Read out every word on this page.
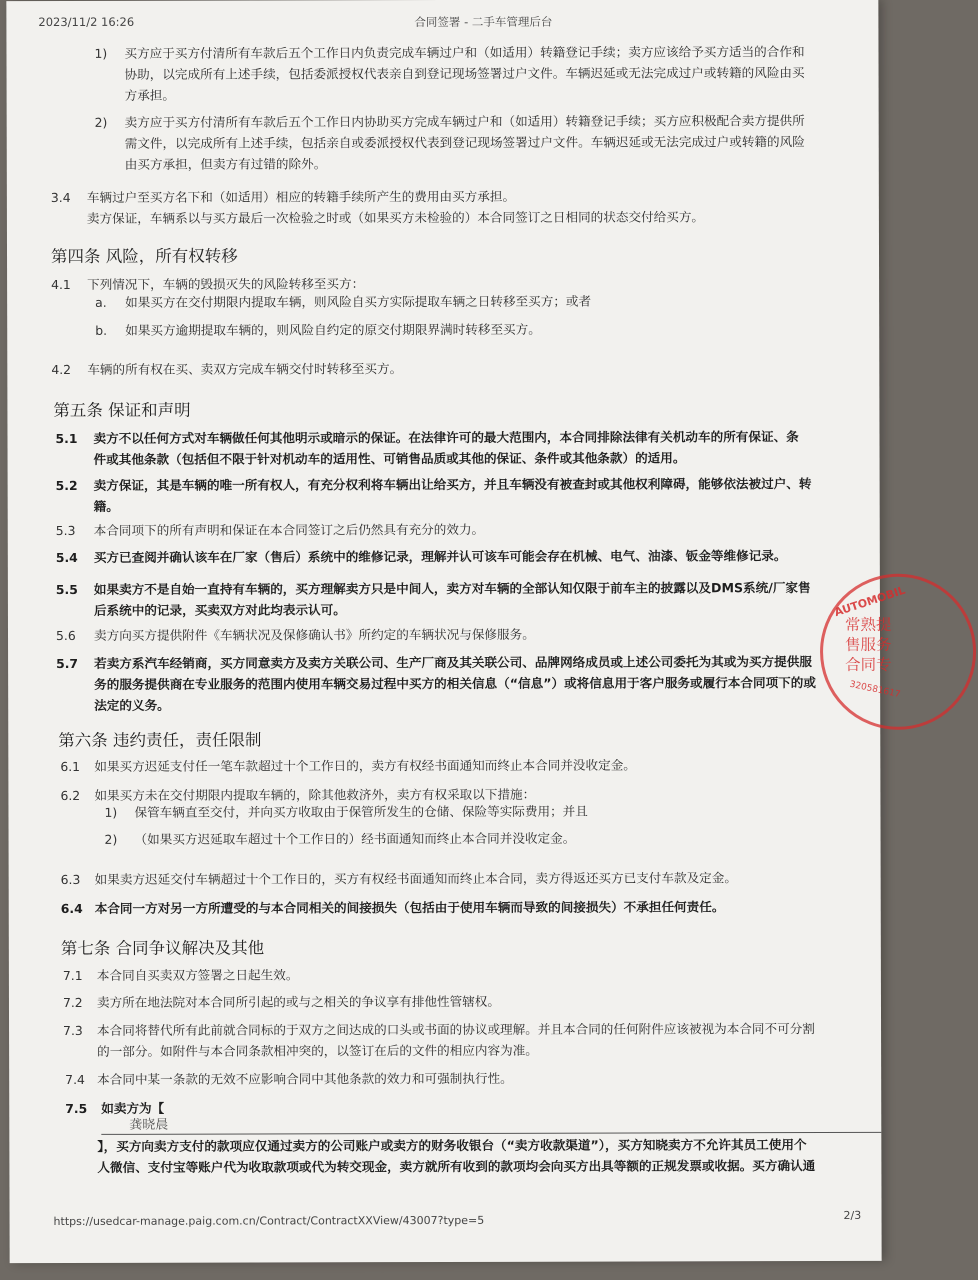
2023/11/2 16:26	合同签署 - 二手车管理后台
1) 买方应于买方付清所有车款后五个工作日内负责完成车辆过户和（如适用）转籍登记手续；卖方应该给予买方适当的合作和
协助，以完成所有上述手续，包括委派授权代表亲自到登记现场签署过户文件。车辆迟延或无法完成过户或转籍的风险由买
方承担。
2) 卖方应于买方付清所有车款后五个工作日内协助买方完成车辆过户和（如适用）转籍登记手续；买方应积极配合卖方提供所
需文件，以完成所有上述手续，包括亲自或委派授权代表到登记现场签署过户文件。车辆迟延或无法完成过户或转籍的风险
由买方承担，但卖方有过错的除外。
3.4 车辆过户至买方名下和（如适用）相应的转籍手续所产生的费用由买方承担。
卖方保证，车辆系以与买方最后一次检验之时或（如果买方未检验的）本合同签订之日相同的状态交付给买方。
4.1 下列情况下，车辆的毁损灭失的风险转移至买方：
a. 如果买方在交付期限内提取车辆，则风险自买方实际提取车辆之日转移至买方；或者
b. 如果买方逾期提取车辆的，则风险自约定的原交付期限界满时转移至买方。
4.2 车辆的所有权在买、卖双方完成车辆交付时转移至买方。
5.1 卖方不以任何方式对车辆做任何其他明示或暗示的保证。在法律许可的最大范围内，本合同排除法律有关机动车的所有保证、条
件或其他条款（包括但不限于针对机动车的适用性、可销售品质或其他的保证、条件或其他条款）的适用。
5.2 卖方保证，其是车辆的唯一所有权人，有充分权利将车辆出让给买方，并且车辆没有被查封或其他权利障碍，能够依法被过户、转
籍。
5.3 本合同项下的所有声明和保证在本合同签订之后仍然具有充分的效力。
5.4 买方已查阅并确认该车在厂家（售后）系统中的维修记录，理解并认可该车可能会存在机械、电气、油漆、钣金等维修记录。
5.5 如果卖方不是自始一直持有车辆的，买方理解卖方只是中间人，卖方对车辆的全部认知仅限于前车主的披露以及DMS系统/厂家售
后系统中的记录，买卖双方对此均表示认可。
5.6 卖方向买方提供附件《车辆状况及保修确认书》所约定的车辆状况与保修服务。
5.7 若卖方系汽车经销商，买方同意卖方及卖方关联公司、生产厂商及其关联公司、品牌网络成员或上述公司委托为其或为买方提供服
务的服务提供商在专业服务的范围内使用车辆交易过程中买方的相关信息（“信息”）或将信息用于客户服务或履行本合同项下的或
法定的义务。
6.1 如果买方迟延支付任一笔车款超过十个工作日的，卖方有权经书面通知而终止本合同并没收定金。
6.2 如果买方未在交付期限内提取车辆的，除其他救济外，卖方有权采取以下措施：
1) 保管车辆直至交付，并向买方收取由于保管所发生的仓储、保险等实际费用；并且
2) （如果买方迟延取车超过十个工作日的）经书面通知而终止本合同并没收定金。
6.3 如果卖方迟延交付车辆超过十个工作日的，买方有权经书面通知而终止本合同，卖方得返还买方已支付车款及定金。
6.4 本合同一方对另一方所遭受的与本合同相关的间接损失（包括由于使用车辆而导致的间接损失）不承担任何责任。
7.1 本合同自买卖双方签署之日起生效。
7.2 卖方所在地法院对本合同所引起的或与之相关的争议享有排他性管辖权。
7.3 本合同将替代所有此前就合同标的于双方之间达成的口头或书面的协议或理解。并且本合同的任何附件应该被视为本合同不可分割
的一部分。如附件与本合同条款相冲突的，以签订在后的文件的相应内容为准。
7.4 本合同中某一条款的无效不应影响合同中其他条款的效力和可强制执行性。
7.5 如卖方为【
】，买方向卖方支付的款项应仅通过卖方的公司账户或卖方的财务收银台（“卖方收款渠道”），买方知晓卖方不允许其员工使用个
人微信、支付宝等账户代为收取款项或代为转交现金，卖方就所有收到的款项均会向买方出具等额的正规发票或收据。买方确认通
第四条 风险，所有权转移
第五条 保证和声明
第六条 违约责任，责任限制
第七条 合同争议解决及其他
龚晓晨
AUTOMOBIL
常熟提
售服务
合同专
320581617
https://usedcar-manage.paig.com.cn/Contract/ContractXXView/43007?type=5	2/3
